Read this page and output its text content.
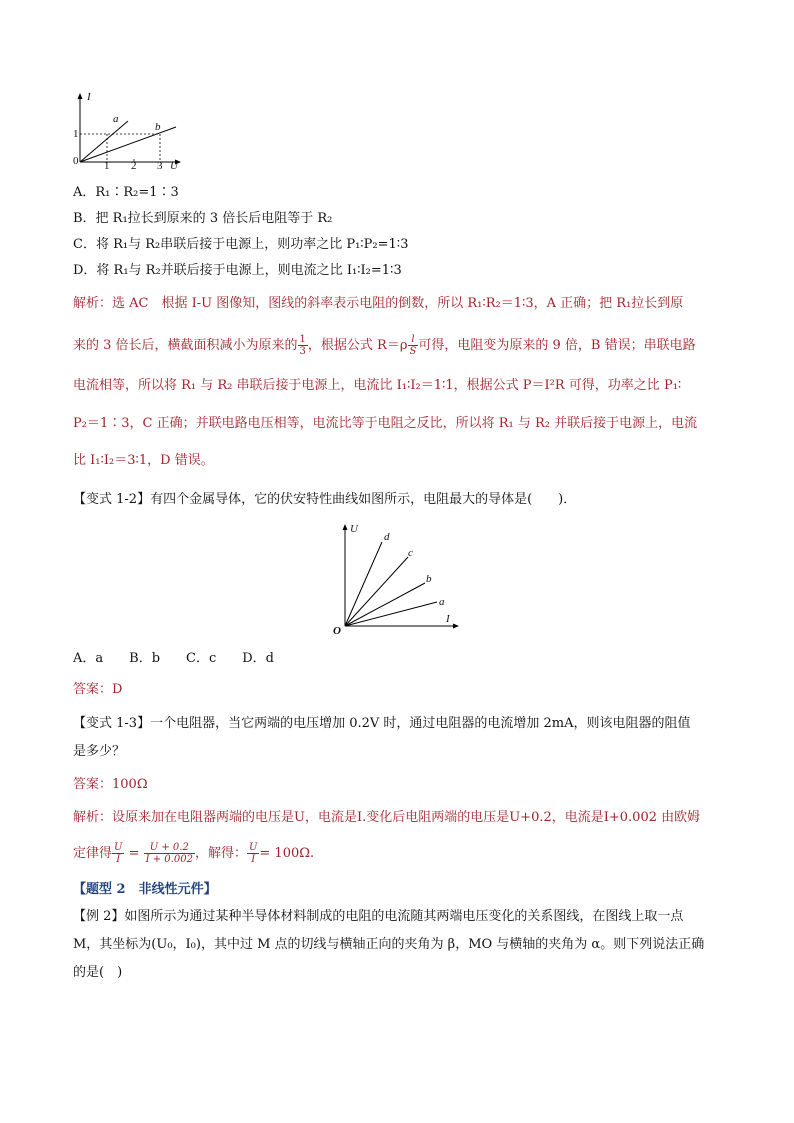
I
U
0
1
1 2 3
a
b
A．R₁∶R₂=1∶3
B．把 R₁拉长到原来的 3 倍长后电阻等于 R₂
C．将 R₁与 R₂串联后接于电源上，则功率之比 P₁∶P₂=1∶3
D．将 R₁与 R₂并联后接于电源上，则电流之比 I₁∶I₂=1∶3
解析：选 AC　根据 I-U 图像知，图线的斜率表示电阻的倒数，所以 R₁∶R₂＝1∶3，A 正确；把 R₁拉长到原
来的 3 倍长后，横截面积减小为原来的 $\frac{1}{3}$ ，根据公式 $R=\rho \frac{l}{S}$ 可得，电阻变为原来的 9 倍，B 错误；串联电路
电流相等，所以将 R₁ 与 R₂ 串联后接于电源上，电流比 I₁∶I₂＝1∶1，根据公式 P＝I²R 可得，功率之比 P₁∶
P₂＝1∶3，C 正确；并联电路电压相等，电流比等于电阻之反比，所以将 R₁ 与 R₂ 并联后接于电源上，电流
比 I₁∶I₂＝3∶1，D 错误。
【变式 1-2】有四个金属导体，它的伏安特性曲线如图所示，电阻最大的导体是(　　)．
U
I
O
d
c
b
a
A．a　　B．b　　C．c　　D．d
答案：D
【变式 1-3】一个电阻器，当它两端的电压增加 0.2V 时，通过电阻器的电流增加 2mA，则该电阻器的阻值
是多少？
答案：100Ω
解析：设原来加在电阻器两端的电压是U，电流是I.变化后电阻两端的电压是U+0.2，电流是I+0.002 由欧姆
定律得 $\frac{U}{I} = \frac{U + 0.2}{I + 0.002}$ ，解得： $\frac{U}{I} = 100\Omega$.
【题型 2　非线性元件】
【例 2】如图所示为通过某种半导体材料制成的电阻的电流随其两端电压变化的关系图线，在图线上取一点
M，其坐标为(U₀，I₀)，其中过 M 点的切线与横轴正向的夹角为 β，MO 与横轴的夹角为 α。则下列说法正确
的是(　)
